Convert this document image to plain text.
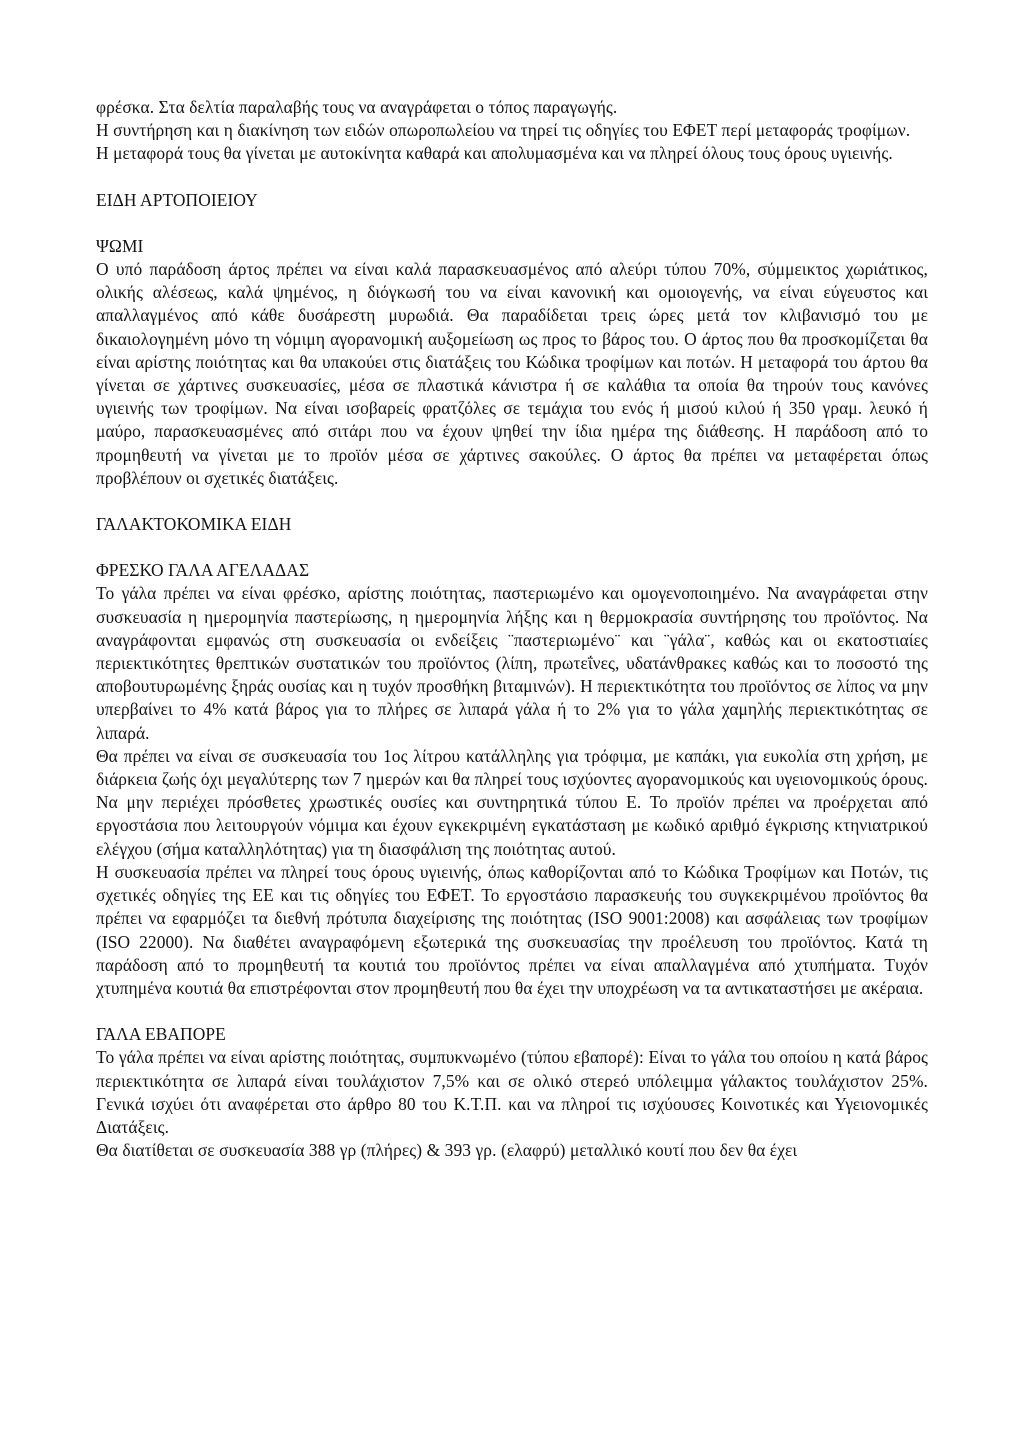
φρέσκα. Στα δελτία παραλαβής τους να αναγράφεται ο τόπος παραγωγής.

Η συντήρηση και η διακίνηση των ειδών οπωροπωλείου να τηρεί τις οδηγίες του ΕΦΕΤ περί μεταφοράς τροφίμων.

Η μεταφορά τους θα γίνεται με αυτοκίνητα καθαρά και απολυμασμένα και να πληρεί όλους τους όρους υγιεινής.

ΕΙΔΗ ΑΡΤΟΠΟΙΕΙΟΥ

ΨΩΜΙ

Ο υπό παράδοση άρτος πρέπει να είναι καλά παρασκευασμένος από αλεύρι τύπου 70%, σύμμεικτος χωριάτικος, ολικής αλέσεως, καλά ψημένος, η διόγκωσή του να είναι κανονική και ομοιογενής, να είναι εύγευστος και απαλλαγμένος από κάθε δυσάρεστη μυρωδιά. Θα παραδίδεται τρεις ώρες μετά τον κλιβανισμό του με δικαιολογημένη μόνο τη νόμιμη αγορανομική αυξομείωση ως προς το βάρος του. Ο άρτος που θα προσκομίζεται θα είναι αρίστης ποιότητας και θα υπακούει στις διατάξεις του Κώδικα τροφίμων και ποτών. Η μεταφορά του άρτου θα γίνεται σε χάρτινες συσκευασίες, μέσα σε πλαστικά κάνιστρα ή σε καλάθια τα οποία θα τηρούν τους κανόνες υγιεινής των τροφίμων. Να είναι ισοβαρείς φρατζόλες σε τεμάχια του ενός ή μισού κιλού ή 350 γραμ. λευκό ή μαύρο, παρασκευασμένες από σιτάρι που να έχουν ψηθεί την ίδια ημέρα της διάθεσης. Η παράδοση από το προμηθευτή να γίνεται με το προϊόν μέσα σε χάρτινες σακούλες. Ο άρτος θα πρέπει να μεταφέρεται όπως προβλέπουν οι σχετικές διατάξεις.

ΓΑΛΑΚΤΟΚΟΜΙΚΑ ΕΙΔΗ

ΦΡΕΣΚΟ ΓΑΛΑ ΑΓΕΛΑΔΑΣ

Το γάλα πρέπει να είναι φρέσκο, αρίστης ποιότητας, παστεριωμένο και ομογενοποιημένο. Να αναγράφεται στην συσκευασία η ημερομηνία παστερίωσης, η ημερομηνία λήξης και η θερμοκρασία συντήρησης του προϊόντος. Να αναγράφονται εμφανώς στη συσκευασία οι ενδείξεις ¨παστεριωμένο¨ και ¨γάλα¨, καθώς και οι εκατοστιαίες περιεκτικότητες θρεπτικών συστατικών του προϊόντος (λίπη, πρωτεΐνες, υδατάνθρακες καθώς και το ποσοστό της αποβουτυρωμένης ξηράς ουσίας και η τυχόν προσθήκη βιταμινών). Η περιεκτικότητα του προϊόντος σε λίπος να μην υπερβαίνει το 4% κατά βάρος για το πλήρες σε λιπαρά γάλα ή το 2% για το γάλα χαμηλής περιεκτικότητας σε λιπαρά.

Θα πρέπει να είναι σε συσκευασία του 1ος λίτρου κατάλληλης για τρόφιμα, με καπάκι, για ευκολία στη χρήση, με διάρκεια ζωής όχι μεγαλύτερης των 7 ημερών και θα πληρεί τους ισχύοντες αγορανομικούς και υγειονομικούς όρους. Να μην περιέχει πρόσθετες χρωστικές ουσίες και συντηρητικά τύπου Ε. Το προϊόν πρέπει να προέρχεται από εργοστάσια που λειτουργούν νόμιμα και έχουν εγκεκριμένη εγκατάσταση με κωδικό αριθμό έγκρισης κτηνιατρικού ελέγχου (σήμα καταλληλότητας) για τη διασφάλιση της ποιότητας αυτού.

Η συσκευασία πρέπει να πληρεί τους όρους υγιεινής, όπως καθορίζονται από το Κώδικα Τροφίμων και Ποτών, τις σχετικές οδηγίες της ΕΕ και τις οδηγίες του ΕΦΕΤ. Το εργοστάσιο παρασκευής του συγκεκριμένου προϊόντος θα πρέπει να εφαρμόζει τα διεθνή πρότυπα διαχείρισης της ποιότητας (ISO 9001:2008) και ασφάλειας των τροφίμων (ISO 22000). Να διαθέτει αναγραφόμενη εξωτερικά της συσκευασίας την προέλευση του προϊόντος. Κατά τη παράδοση από το προμηθευτή τα κουτιά του προϊόντος πρέπει να είναι απαλλαγμένα από χτυπήματα. Τυχόν χτυπημένα κουτιά θα επιστρέφονται στον προμηθευτή που θα έχει την υποχρέωση να τα αντικαταστήσει με ακέραια.

ΓΑΛΑ ΕΒΑΠΟΡΕ

Το γάλα πρέπει να είναι αρίστης ποιότητας, συμπυκνωμένο (τύπου εβαπορέ): Είναι το γάλα του οποίου η κατά βάρος περιεκτικότητα σε λιπαρά είναι τουλάχιστον 7,5% και σε ολικό στερεό υπόλειμμα γάλακτος τουλάχιστον 25%. Γενικά ισχύει ότι αναφέρεται στο άρθρο 80 του Κ.Τ.Π. και να πληροί τις ισχύουσες Κοινοτικές και Υγειονομικές Διατάξεις.

Θα διατίθεται σε συσκευασία 388 γρ (πλήρες) & 393 γρ. (ελαφρύ) μεταλλικό κουτί που δεν θα έχει
